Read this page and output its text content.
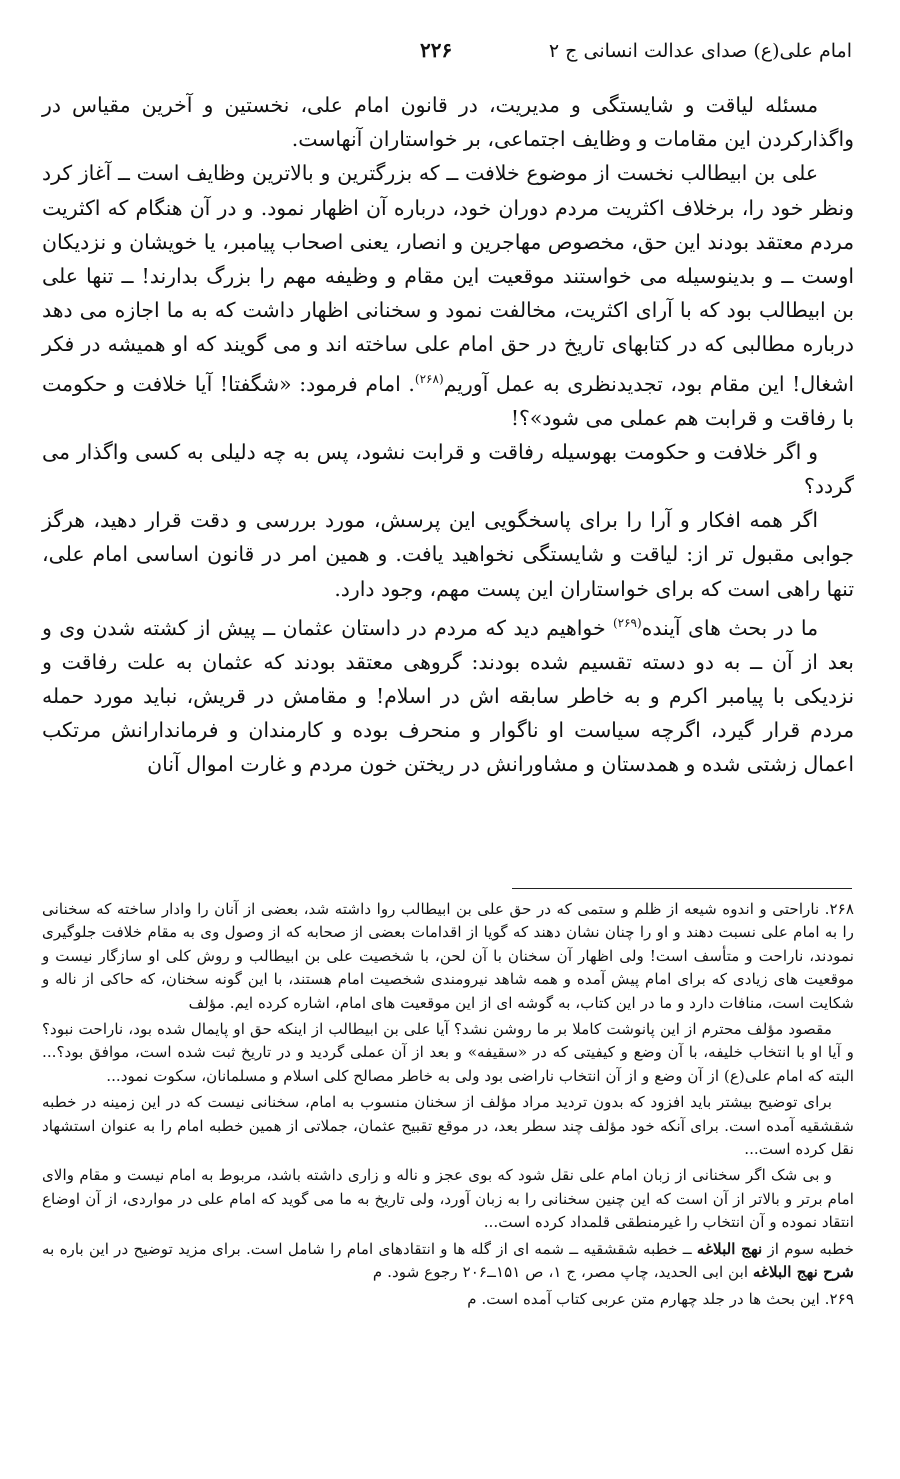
امام علی(ع) صدای عدالت انسانی ج ۲
۲۲۶

مسئله لیاقت و شایستگی و مدیریت، در قانون امام علی، نخستین و آخرین مقیاس در واگذارکردن این مقامات و وظایف اجتماعی، بر خواستاران آنهاست.

علی بن ابیطالب نخست از موضوع خلافت ــ که بزرگترین و بالاترین وظایف است ــ آغاز کرد ونظر خود را، برخلاف اکثریت مردم دوران خود، درباره آن اظهار نمود. و در آن هنگام که اکثریت مردم معتقد بودند این حق، مخصوص مهاجرین و انصار، یعنی اصحاب پیامبر، یا خویشان و نزدیکان اوست ــ و بدینوسیله می خواستند موقعیت این مقام و وظیفه مهم را بزرگ بدارند! ــ تنها علی بن ابیطالب بود که با آرای اکثریت، مخالفت نمود و سخنانی اظهار داشت که به ما اجازه می دهد درباره مطالبی که در کتابهای تاریخ در حق امام علی ساخته اند و می گویند که او همیشه در فکر اشغال! این مقام بود، تجدیدنظری به عمل آوریم$^{(۲۶۸)}$. امام فرمود: «شگفتا! آیا خلافت و حکومت با رفاقت و قرابت هم عملی می شود»؟!

و اگر خلافت و حکومت بهوسیله رفاقت و قرابت نشود، پس به چه دلیلی به کسی واگذار می گردد؟

اگر همه افکار و آرا را برای پاسخگویی این پرسش، مورد بررسی و دقت قرار دهید، هرگز جوابی مقبول تر از: لیاقت و شایستگی نخواهید یافت. و همین امر در قانون اساسی امام علی، تنها راهی است که برای خواستاران این پست مهم، وجود دارد.

ما در بحث های آینده$^{(۲۶۹)}$ خواهیم دید که مردم در داستان عثمان ــ پیش از کشته شدن وی و بعد از آن ــ به دو دسته تقسیم شده بودند: گروهی معتقد بودند که عثمان به علت رفاقت و نزدیکی با پیامبر اکرم و به خاطر سابقه اش در اسلام! و مقامش در قریش، نباید مورد حمله مردم قرار گیرد، اگرچه سیاست او ناگوار و منحرف بوده و کارمندان و فرماندارانش مرتکب اعمال زشتی شده و همدستان و مشاورانش در ریختن خون مردم و غارت اموال آنان

۲۶۸. ناراحتی و اندوه شیعه از ظلم و ستمی که در حق علی بن ابیطالب روا داشته شد، بعضی از آنان را وادار ساخته که سخنانی را به امام علی نسبت دهند و او را چنان نشان دهند که گویا از اقدامات بعضی از صحابه که از وصول وی به مقام خلافت جلوگیری نمودند، ناراحت و متأسف است! ولی اظهار آن سخنان با آن لحن، با شخصیت علی بن ابیطالب و روش کلی او سازگار نیست و موقعیت های زیادی که برای امام پیش آمده و همه شاهد نیرومندی شخصیت امام هستند، با این گونه سخنان، که حاکی از ناله و شکایت است، منافات دارد و ما در این کتاب، به گوشه ای از این موقعیت های امام، اشاره کرده ایم. مؤلف

مقصود مؤلف محترم از این پانوشت کاملا بر ما روشن نشد؟ آیا علی بن ابیطالب از اینکه حق او پایمال شده بود، ناراحت نبود؟ و آیا او با انتخاب خلیفه، با آن وضع و کیفیتی که در «سقیفه» و بعد از آن عملی گردید و در تاریخ ثبت شده است، موافق بود؟... البته که امام علی(ع) از آن وضع و از آن انتخاب ناراضی بود ولی به خاطر مصالح کلی اسلام و مسلمانان، سکوت نمود...

برای توضیح بیشتر باید افزود که بدون تردید مراد مؤلف از سخنان منسوب به امام، سخنانی نیست که در این زمینه در خطبه شقشقیه آمده است. برای آنکه خود مؤلف چند سطر بعد، در موقع تقبیح عثمان، جملاتی از همین خطبه امام را به عنوان استشهاد نقل کرده است...

و بی شک اگر سخنانی از زبان امام علی نقل شود که بوی عجز و ناله و زاری داشته باشد، مربوط به امام نیست و مقام والای امام برتر و بالاتر از آن است که این چنین سخنانی را به زبان آورد، ولی تاریخ به ما می گوید که امام علی در مواردی، از آن اوضاع انتقاد نموده و آن انتخاب را غیرمنطقی قلمداد کرده است...

خطبه سوم از نهج البلاغه ــ خطبه شقشقیه ــ شمه ای از گله ها و انتقادهای امام را شامل است. برای مزید توضیح در این باره به شرح نهج البلاغه ابن ابی الحدید، چاپ مصر، ج ۱، ص ۱۵۱ــ۲۰۶ رجوع شود. م

۲۶۹. این بحث ها در جلد چهارم متن عربی کتاب آمده است. م
